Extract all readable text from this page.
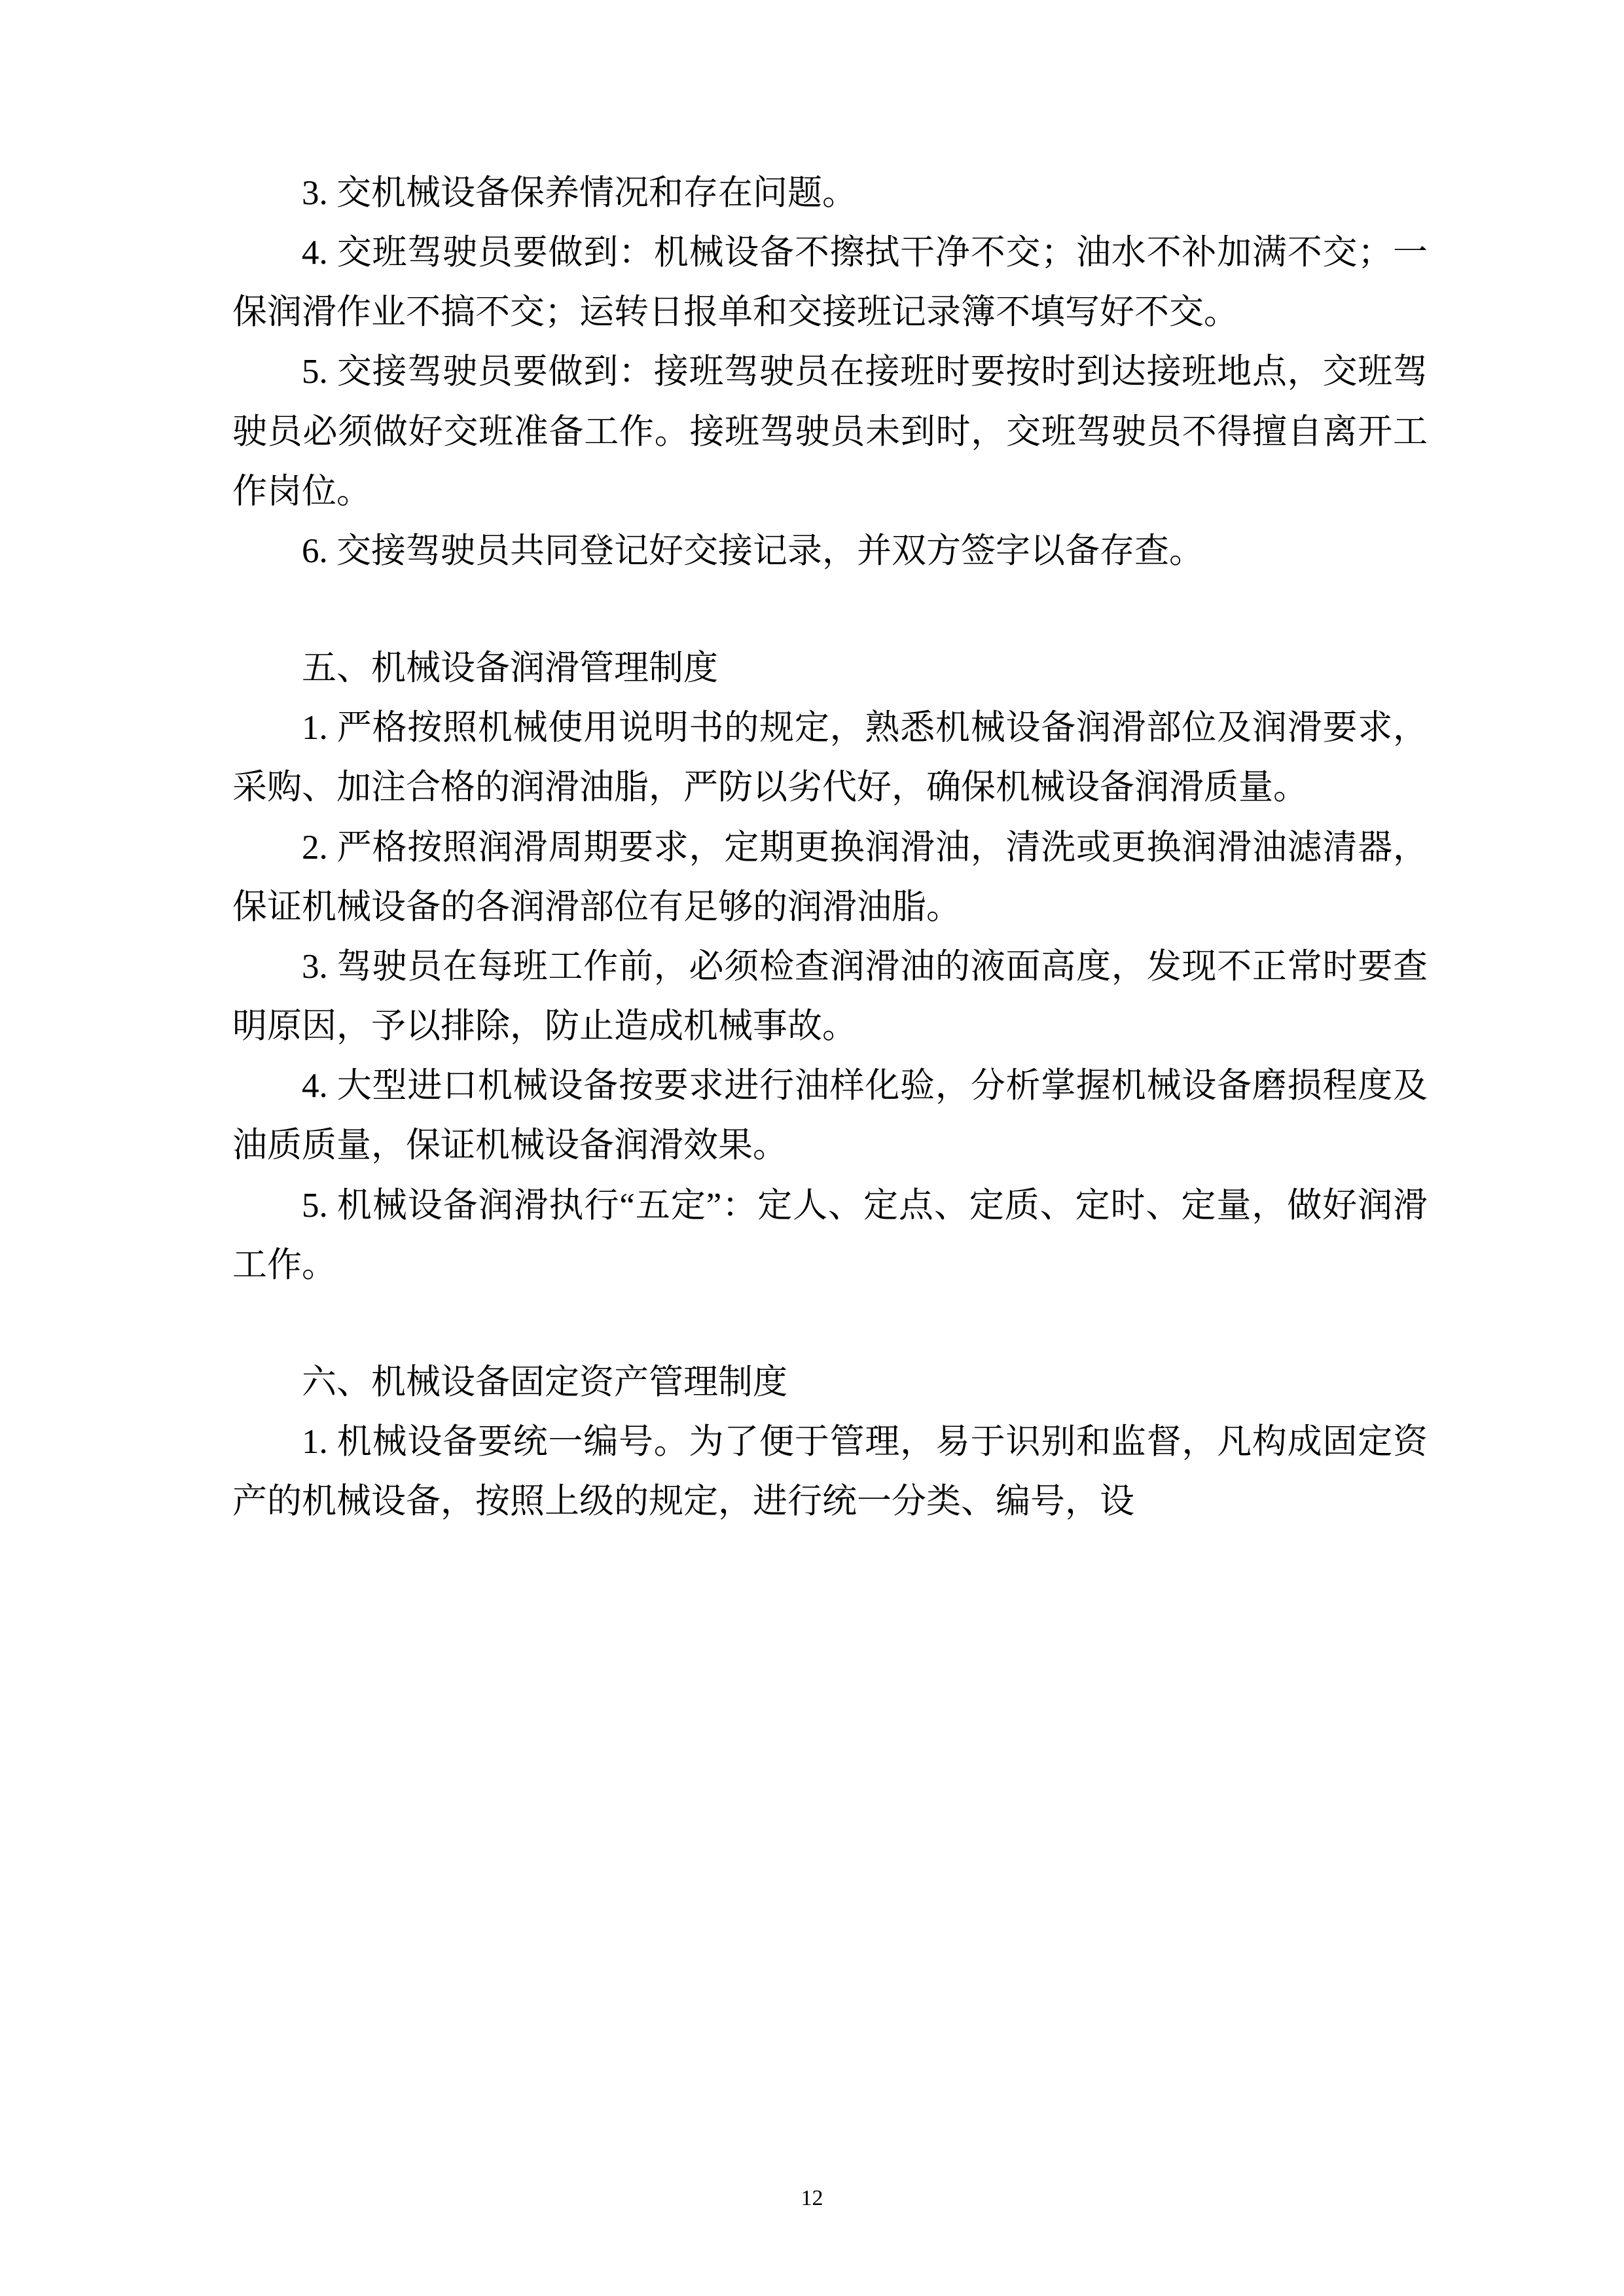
3. 交机械设备保养情况和存在问题。

4. 交班驾驶员要做到：机械设备不擦拭干净不交；油水不补加满不交；一保润滑作业不搞不交；运转日报单和交接班记录簿不填写好不交。

5. 交接驾驶员要做到：接班驾驶员在接班时要按时到达接班地点，交班驾驶员必须做好交班准备工作。接班驾驶员未到时，交班驾驶员不得擅自离开工作岗位。

6. 交接驾驶员共同登记好交接记录，并双方签字以备存查。

五、机械设备润滑管理制度

1. 严格按照机械使用说明书的规定，熟悉机械设备润滑部位及润滑要求，采购、加注合格的润滑油脂，严防以劣代好，确保机械设备润滑质量。

2. 严格按照润滑周期要求，定期更换润滑油，清洗或更换润滑油滤清器，保证机械设备的各润滑部位有足够的润滑油脂。

3. 驾驶员在每班工作前，必须检查润滑油的液面高度，发现不正常时要查明原因，予以排除，防止造成机械事故。

4. 大型进口机械设备按要求进行油样化验，分析掌握机械设备磨损程度及油质质量，保证机械设备润滑效果。

5. 机械设备润滑执行“五定”：定人、定点、定质、定时、定量，做好润滑工作。

六、机械设备固定资产管理制度

1. 机械设备要统一编号。为了便于管理，易于识别和监督，凡构成固定资产的机械设备，按照上级的规定，进行统一分类、编号，设

12
